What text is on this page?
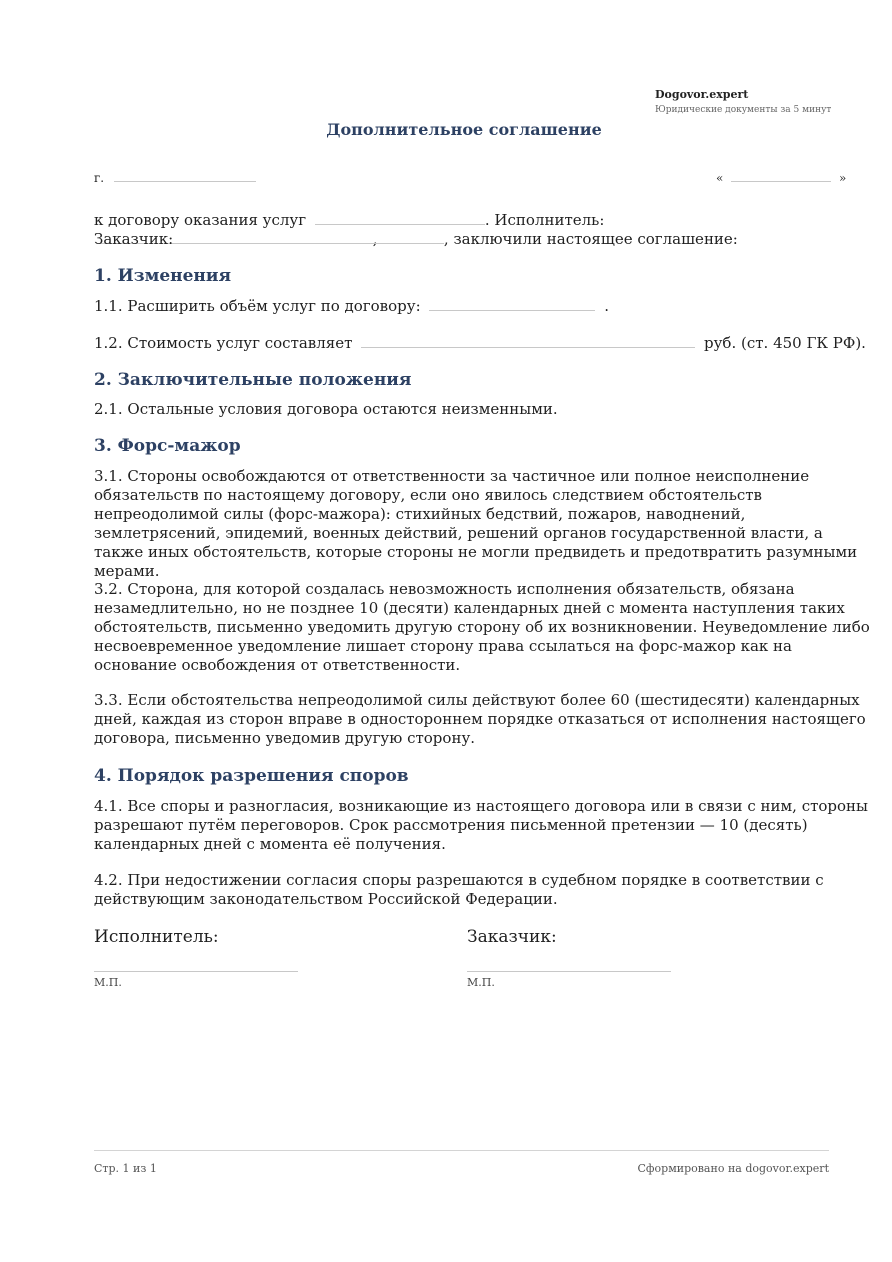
Dogovor.expert
Юридические документы за 5 минут
Дополнительное соглашение
г.	«	»
к договору оказания услуг	. Исполнитель:  ,
Заказчик:	, заключили настоящее соглашение:
1. Изменения
1.1. Расширить объём услуг по договору:	.
1.2. Стоимость услуг составляет	руб. (ст. 450 ГК РФ).
2. Заключительные положения
2.1. Остальные условия договора остаются неизменными.
3. Форс-мажор
3.1. Стороны освобождаются от ответственности за частичное или полное неисполнение обязательств по настоящему договору, если оно явилось следствием обстоятельств непреодолимой силы (форс-мажора): стихийных бедствий, пожаров, наводнений, землетрясений, эпидемий, военных действий, решений органов государственной власти, а также иных обстоятельств, которые стороны не могли предвидеть и предотвратить разумными мерами.
3.2. Сторона, для которой создалась невозможность исполнения обязательств, обязана незамедлительно, но не позднее 10 (десяти) календарных дней с момента наступления таких обстоятельств, письменно уведомить другую сторону об их возникновении. Неуведомление либо несвоевременное уведомление лишает сторону права ссылаться на форс-мажор как на основание освобождения от ответственности.
3.3. Если обстоятельства непреодолимой силы действуют более 60 (шестидесяти) календарных дней, каждая из сторон вправе в одностороннем порядке отказаться от исполнения настоящего договора, письменно уведомив другую сторону.
4. Порядок разрешения споров
4.1. Все споры и разногласия, возникающие из настоящего договора или в связи с ним, стороны разрешают путём переговоров. Срок рассмотрения письменной претензии — 10 (десять) календарных дней с момента её получения.
4.2. При недостижении согласия споры разрешаются в судебном порядке в соответствии с действующим законодательством Российской Федерации.
Исполнитель:	Заказчик:
М.П.	М.П.
Стр. 1 из 1	Сформировано на dogovor.expert
